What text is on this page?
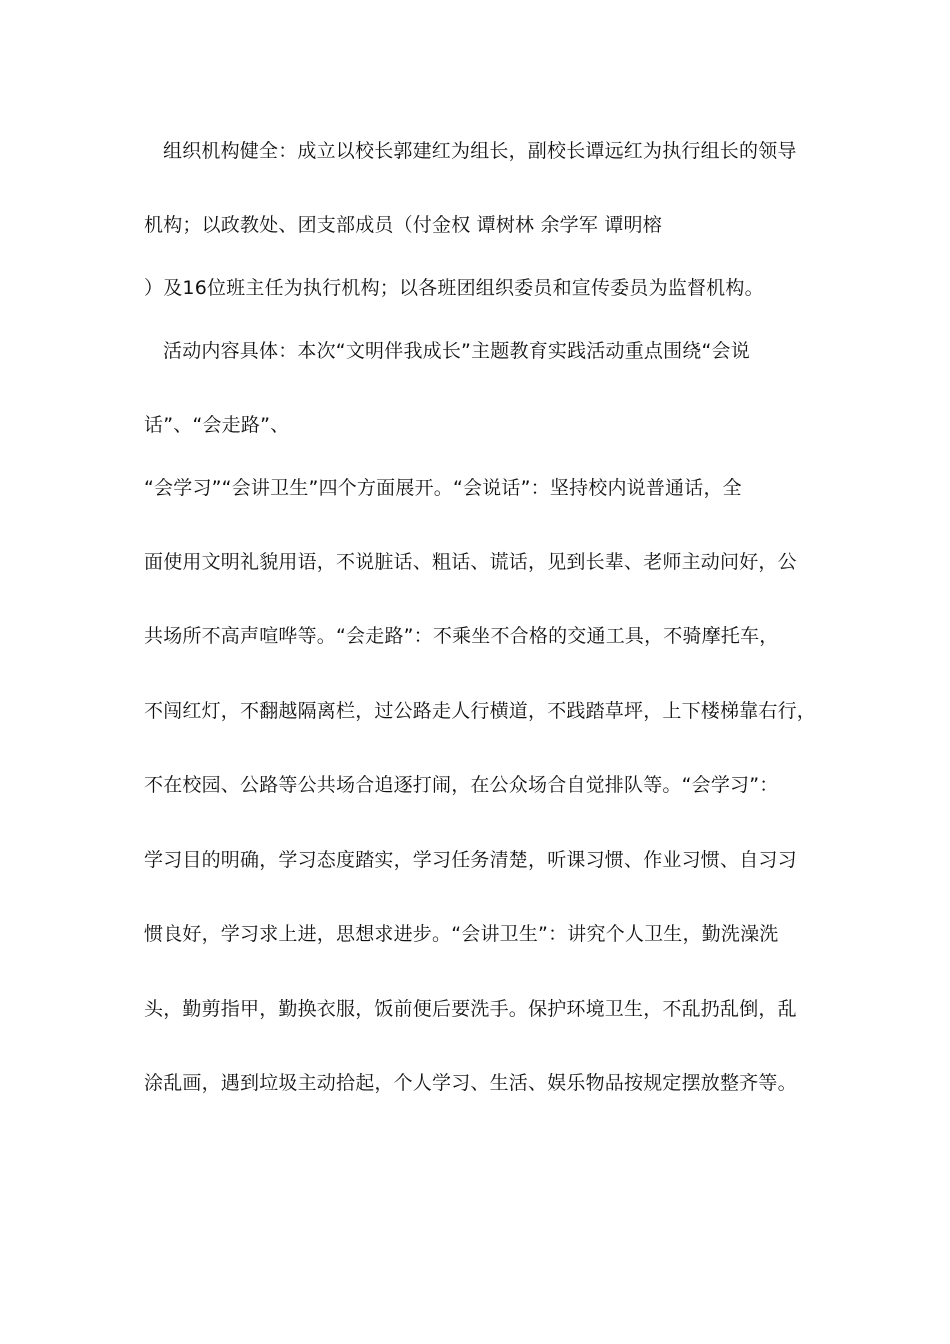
组织机构健全：成立以校长郭建红为组长，副校长谭远红为执行组长的领导
机构；以政教处、团支部成员（付金权 谭树林 余学军 谭明榕
）及16位班主任为执行机构；以各班团组织委员和宣传委员为监督机构。
活动内容具体：本次“文明伴我成长”主题教育实践活动重点围绕“会说
话”、“会走路”、
“会学习”“会讲卫生”四个方面展开。“会说话”：坚持校内说普通话，全
面使用文明礼貌用语，不说脏话、粗话、谎话，见到长辈、老师主动问好，公
共场所不高声喧哗等。“会走路”：不乘坐不合格的交通工具，不骑摩托车，
不闯红灯，不翻越隔离栏，过公路走人行横道，不践踏草坪，上下楼梯靠右行，
不在校园、公路等公共场合追逐打闹，在公众场合自觉排队等。“会学习”：
学习目的明确，学习态度踏实，学习任务清楚，听课习惯、作业习惯、自习习
惯良好，学习求上进，思想求进步。“会讲卫生”：讲究个人卫生，勤洗澡洗
头，勤剪指甲，勤换衣服，饭前便后要洗手。保护环境卫生，不乱扔乱倒，乱
涂乱画，遇到垃圾主动拾起，个人学习、生活、娱乐物品按规定摆放整齐等。
